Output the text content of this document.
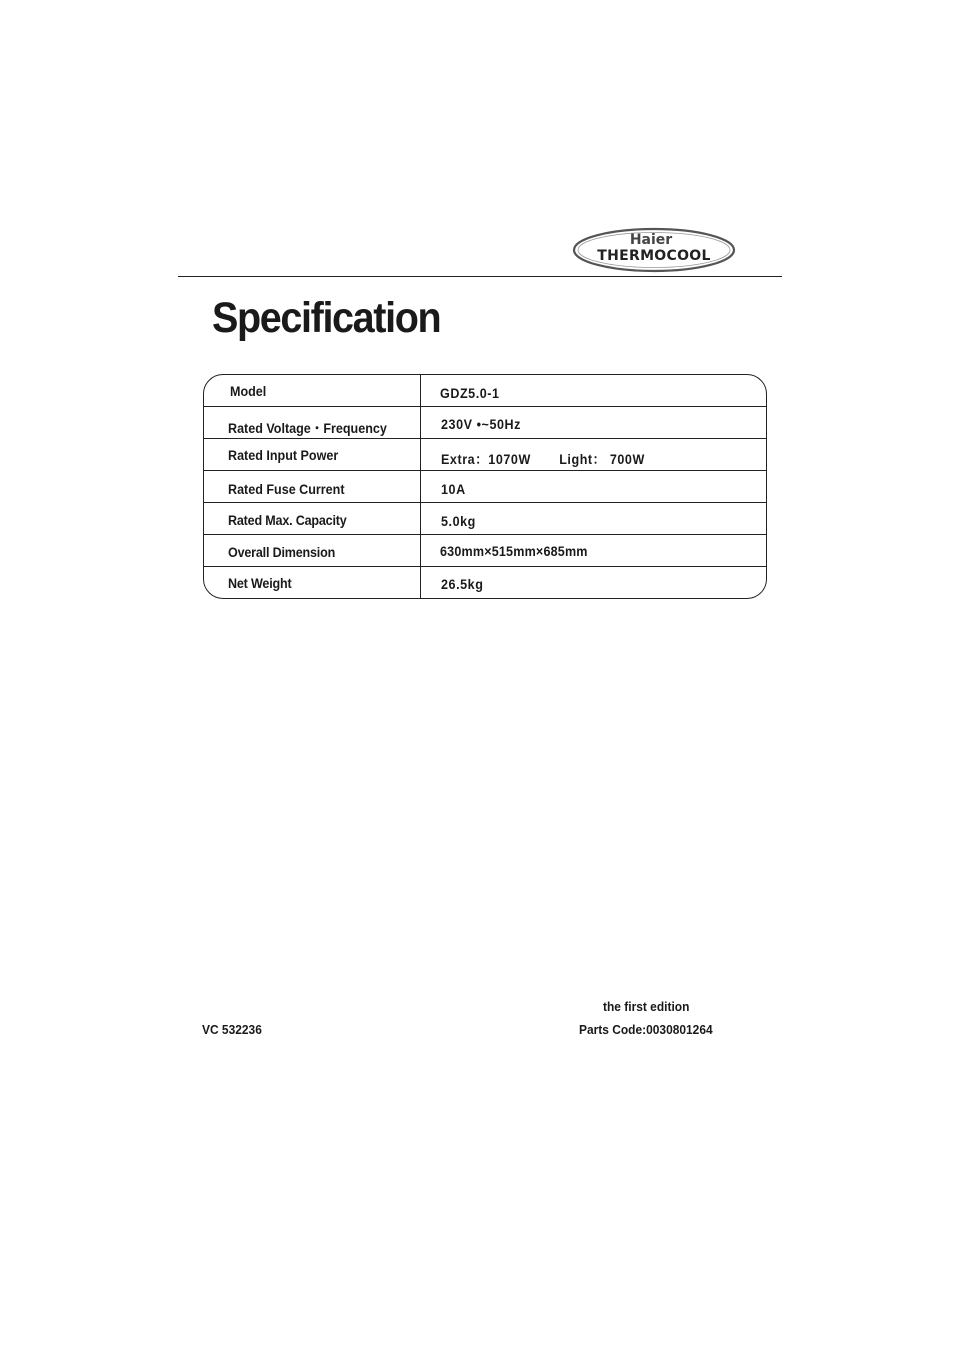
Haier
THERMOCOOL
Specification
Model	GDZ5.0-1
Rated Voltage・Frequency	230V •~50Hz
Rated Input Power	Extra：1070W       Light： 700W
Rated Fuse Current	10A
Rated Max. Capacity	5.0kg
Overall Dimension	630mm×515mm×685mm
Net Weight	26.5kg
the first edition
VC 532236	Parts Code:0030801264
